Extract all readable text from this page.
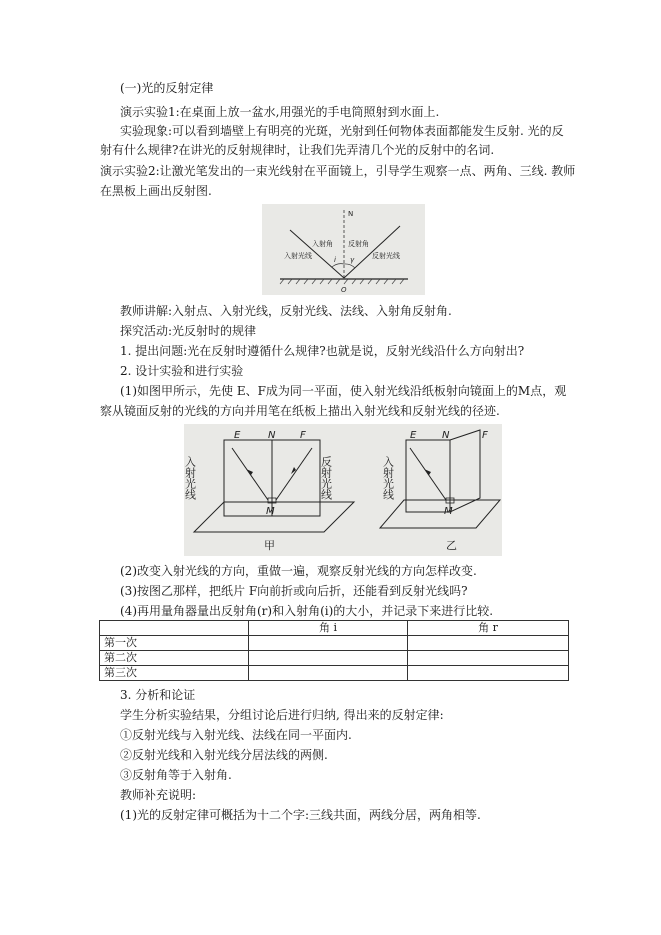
(一)光的反射定律
演示实验1:在桌面上放一盆水,用强光的手电筒照射到水面上.
实验现象:可以看到墙壁上有明亮的光斑，光射到任何物体表面都能发生反射. 光的反
射有什么规律?在讲光的反射规律时，让我们先弄清几个光的反射中的名词.
演示实验2:让激光笔发出的一束光线射在平面镜上，引导学生观察一点、两角、三线. 教师
在黑板上画出反射图.
N
入射角 反射角
入射光线	反射光线
i γ
O
教师讲解:入射点、入射光线，反射光线、法线、入射角反射角.
探究活动:光反射时的规律
1. 提出问题:光在反射时遵循什么规律?也就是说，反射光线沿什么方向射出?
2. 设计实验和进行实验
(1)如图甲所示，先使 E、F成为同一平面，使入射光线沿纸板射向镜面上的M点，观
察从镜面反射的光线的方向并用笔在纸板上描出入射光线和反射光线的径迹.
E	N F
M
入射光线	反射光线
甲
E	N	F
M
入射光线
乙
(2)改变入射光线的方向，重做一遍，观察反射光线的方向怎样改变.
(3)按图乙那样，把纸片 F向前折或向后折，还能看到反射光线吗?
(4)再用量角器量出反射角(r)和入射角(i)的大小，并记录下来进行比较.
	角 i	角 r
第一次		
第二次		
第三次		
3. 分析和论证
学生分析实验结果，分组讨论后进行归纳, 得出来的反射定律:
①反射光线与入射光线、法线在同一平面内.
②反射光线和入射光线分居法线的两侧.
③反射角等于入射角.
教师补充说明:
(1)光的反射定律可概括为十二个字:三线共面，两线分居，两角相等.
